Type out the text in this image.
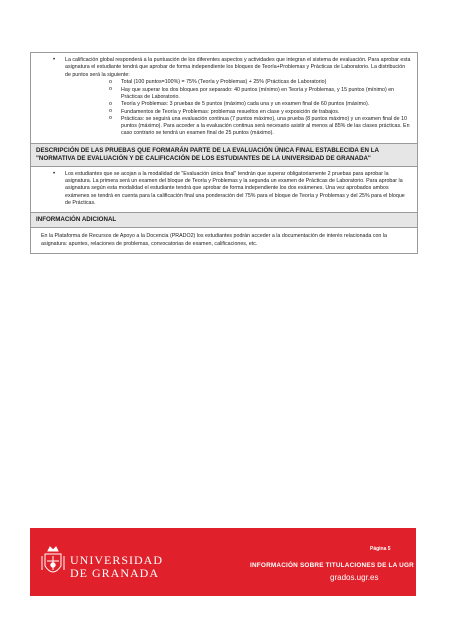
• La calificación global responderá a la puntuación de los diferentes aspectos y actividades que integran el sistema de evaluación. Para aprobar esta asignatura el estudiante tendrá que aprobar de forma independiente los bloques de Teoría+Problemas y Prácticas de Laboratorio. La distribución de puntos será la siguiente:
o Total (100 puntos=100%) = 75% (Teoría y Problemas) + 25% (Prácticas de Laboratorio)
o Hay que superar los dos bloques por separado: 40 puntos (mínimo) en Teoría y Problemas, y 15 puntos (mínimo) en Prácticas de Laboratorio.
o Teoría y Problemas: 3 pruebas de 5 puntos (máximo) cada una y un examen final de 60 puntos (máximo).
o Fundamentos de Teoría y Problemas: problemas resueltos en clase y exposición de trabajos.
o Prácticas: se seguirá una evaluación continua (7 puntos máximo), una prueba (8 puntos máximo) y un examen final de 10 puntos (máximo). Para acceder a la evaluación continua será necesario asistir al menos al 85% de las clases prácticas. En caso contrario se tendrá un examen final de 25 puntos (máximo).
DESCRIPCIÓN DE LAS PRUEBAS QUE FORMARÁN PARTE DE LA EVALUACIÓN ÚNICA FINAL ESTABLECIDA EN LA "NORMATIVA DE EVALUACIÓN Y DE CALIFICACIÓN DE LOS ESTUDIANTES DE LA UNIVERSIDAD DE GRANADA"
• Los estudiantes que se acojan a la modalidad de "Evaluación única final" tendrán que superar obligatoriamente 2 pruebas para aprobar la asignatura. La primera será un examen del bloque de Teoría y Problemas y la segunda un examen de Prácticas de Laboratorio. Para aprobar la asignatura según esta modalidad el estudiante tendrá que aprobar de forma independiente los dos exámenes. Una vez aprobados ambos exámenes se tendrá en cuenta para la calificación final una ponderación del 75% para el bloque de Teoría y Problemas y del 25% para el bloque de Prácticas.
INFORMACIÓN ADICIONAL

En la Plataforma de Recursos de Apoyo a la Docencia (PRADO2) los estudiantes podrán acceder a la documentación de interés relacionada con la asignatura: apuntes, relaciones de problemas, convocatorias de examen, calificaciones, etc.

UNIVERSIDAD
DE GRANADA
Página 5
INFORMACIÓN SOBRE TITULACIONES DE LA UGR
grados.ugr.es
